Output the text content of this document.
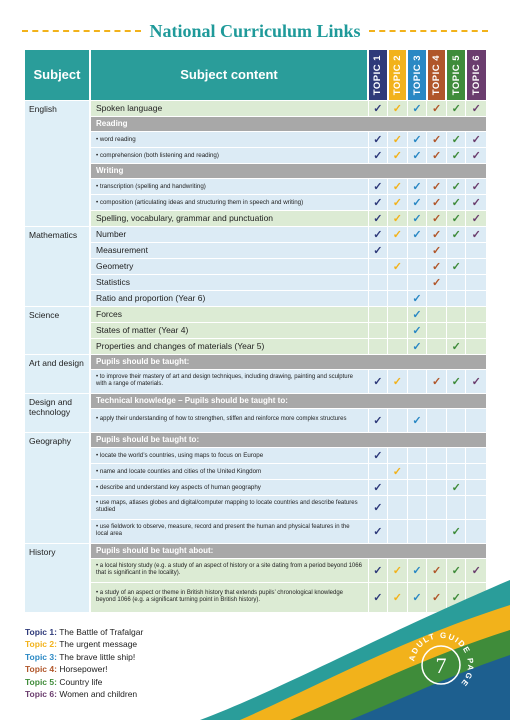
National Curriculum Links
Subject	Subject content	TOPIC 1	TOPIC 2	TOPIC 3	TOPIC 4	TOPIC 5	TOPIC 6

English	Spoken language	✓	✓	✓	✓	✓	✓
	Reading						
	• word reading	✓	✓	✓	✓	✓	✓
	• comprehension (both listening and reading)	✓	✓	✓	✓	✓	✓
	Writing						
	• transcription (spelling and handwriting)	✓	✓	✓	✓	✓	✓
	• composition (articulating ideas and structuring them in speech and writing)	✓	✓	✓	✓	✓	✓
	Spelling, vocabulary, grammar and punctuation	✓	✓	✓	✓	✓	✓
Mathematics	Number	✓	✓	✓	✓	✓	✓
	Measurement	✓			✓		
	Geometry		✓		✓	✓	
	Statistics				✓		
	Ratio and proportion (Year 6)			✓			
Science	Forces			✓			
	States of matter (Year 4)			✓			
	Properties and changes of materials (Year 5)			✓		✓	
Art and design	Pupils should be taught:						
	• to improve their mastery of art and design techniques, including drawing, painting and sculpture with a range of materials.	✓	✓		✓	✓	✓
Design and technology	Technical knowledge – Pupils should be taught to:						
	• apply their understanding of how to strengthen, stiffen and reinforce more complex structures	✓		✓			
Geography	Pupils should be taught to:						
	• locate the world’s countries, using maps to focus on Europe	✓					
	• name and locate counties and cities of the United Kingdom		✓				
	• describe and understand key aspects of human geography	✓				✓	
	• use maps, atlases globes and digital/computer mapping to locate countries and describe features studied	✓					
	• use fieldwork to observe, measure, record and present the human and physical features in the local area	✓				✓	
History	Pupils should be taught about:						
	• a local history study (e.g. a study of an aspect of history or a site dating from a period beyond 1066 that is significant in the locality).	✓	✓	✓	✓	✓	✓
	• a study of an aspect or theme in British history that extends pupils’ chronological knowledge beyond 1066 (e.g. a significant turning point in British history).	✓	✓	✓	✓	✓	
Topic 1: The Battle of Trafalgar
Topic 2: The urgent message
Topic 3: The brave little ship!
Topic 4: Horsepower!
Topic 5: Country life
Topic 6: Women and children
ADULT GUIDE PAGE
7
